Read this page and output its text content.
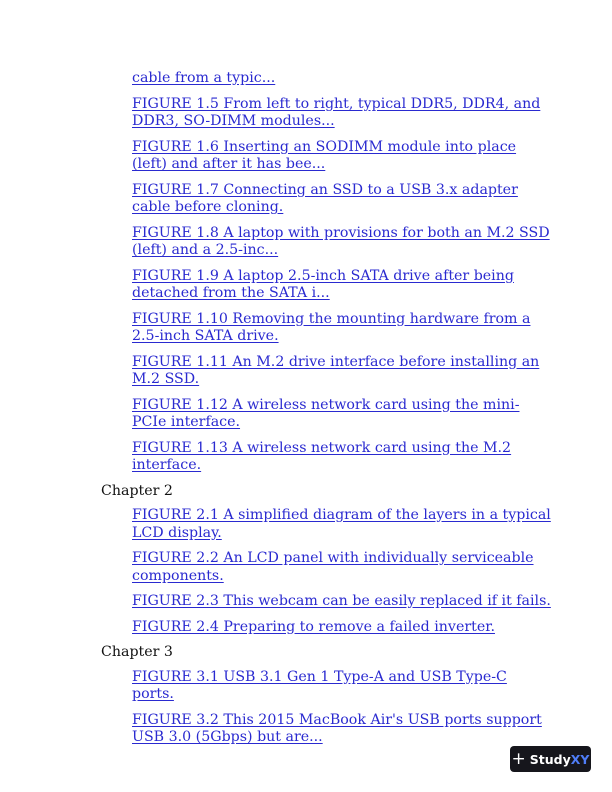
cable from a typic...
FIGURE 1.5 From left to right, typical DDR5, DDR4, and DDR3, SO-DIMM modules...
FIGURE 1.6 Inserting an SODIMM module into place (left) and after it has bee...
FIGURE 1.7 Connecting an SSD to a USB 3.x adapter cable before cloning.
FIGURE 1.8 A laptop with provisions for both an M.2 SSD (left) and a 2.5-inc...
FIGURE 1.9 A laptop 2.5-inch SATA drive after being detached from the SATA i...
FIGURE 1.10 Removing the mounting hardware from a 2.5-inch SATA drive.
FIGURE 1.11 An M.2 drive interface before installing an M.2 SSD.
FIGURE 1.12 A wireless network card using the mini-PCIe interface.
FIGURE 1.13 A wireless network card using the M.2 interface.
Chapter 2
FIGURE 2.1 A simplified diagram of the layers in a typical LCD display.
FIGURE 2.2 An LCD panel with individually serviceable components.
FIGURE 2.3 This webcam can be easily replaced if it fails.
FIGURE 2.4 Preparing to remove a failed inverter.
Chapter 3
FIGURE 3.1 USB 3.1 Gen 1 Type-A and USB Type-C ports.
FIGURE 3.2 This 2015 MacBook Air's USB ports support USB 3.0 (5Gbps) but are...
+ Study XY
